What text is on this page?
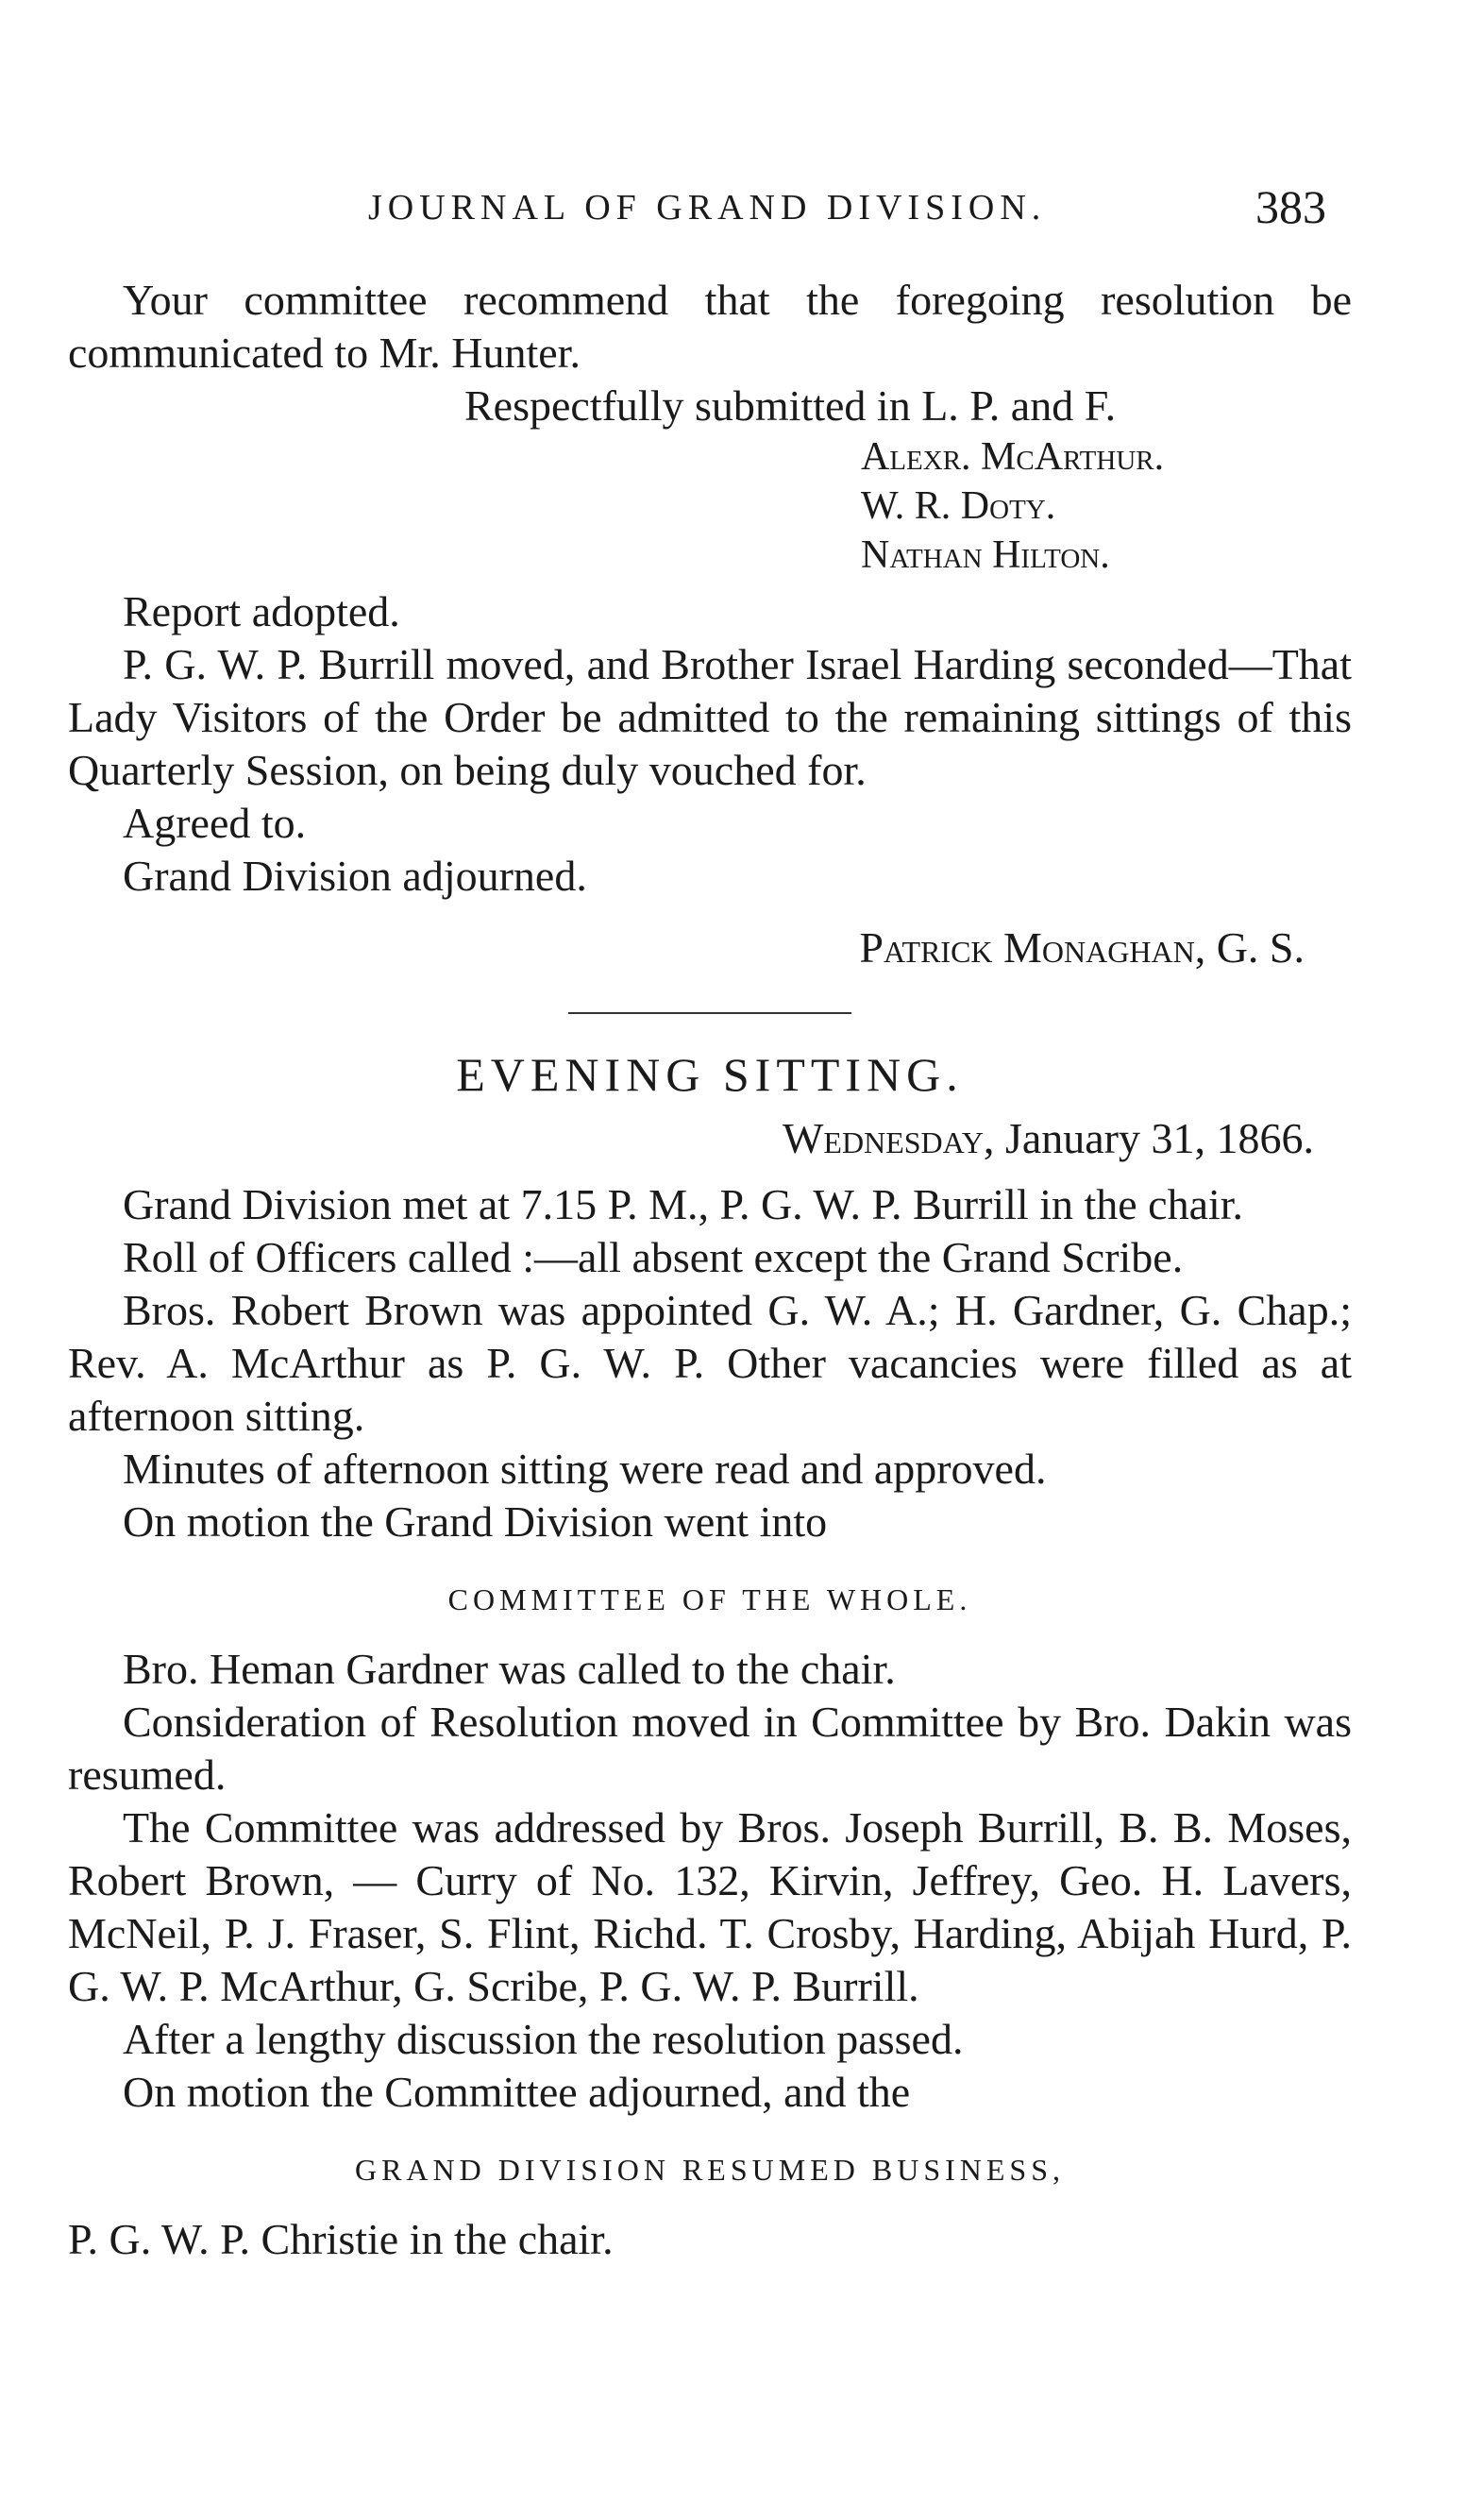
JOURNAL OF GRAND DIVISION.	383

Your committee recommend that the foregoing resolution be communicated to Mr. Hunter.

Respectfully submitted in L. P. and F.

Alexr. McArthur.

W. R. Doty.

Nathan Hilton.

Report adopted.

P. G. W. P. Burrill moved, and Brother Israel Harding seconded—That Lady Visitors of the Order be admitted to the remaining sittings of this Quarterly Session, on being duly vouched for.

Agreed to.

Grand Division adjourned.

Patrick Monaghan, G. S.

EVENING SITTING.

Wednesday, January 31, 1866.

Grand Division met at 7.15 P. M., P. G. W. P. Burrill in the chair.

Roll of Officers called :—all absent except the Grand Scribe.

Bros. Robert Brown was appointed G. W. A.; H. Gardner, G. Chap.; Rev. A. McArthur as P. G. W. P. Other vacancies were filled as at afternoon sitting.

Minutes of afternoon sitting were read and approved.

On motion the Grand Division went into

COMMITTEE OF THE WHOLE.

Bro. Heman Gardner was called to the chair.

Consideration of Resolution moved in Committee by Bro. Dakin was resumed.

The Committee was addressed by Bros. Joseph Burrill, B. B. Moses, Robert Brown, — Curry of No. 132, Kirvin, Jeffrey, Geo. H. Lavers, McNeil, P. J. Fraser, S. Flint, Richd. T. Crosby, Harding, Abijah Hurd, P. G. W. P. McArthur, G. Scribe, P. G. W. P. Burrill.

After a lengthy discussion the resolution passed.

On motion the Committee adjourned, and the

GRAND DIVISION RESUMED BUSINESS,

P. G. W. P. Christie in the chair.
